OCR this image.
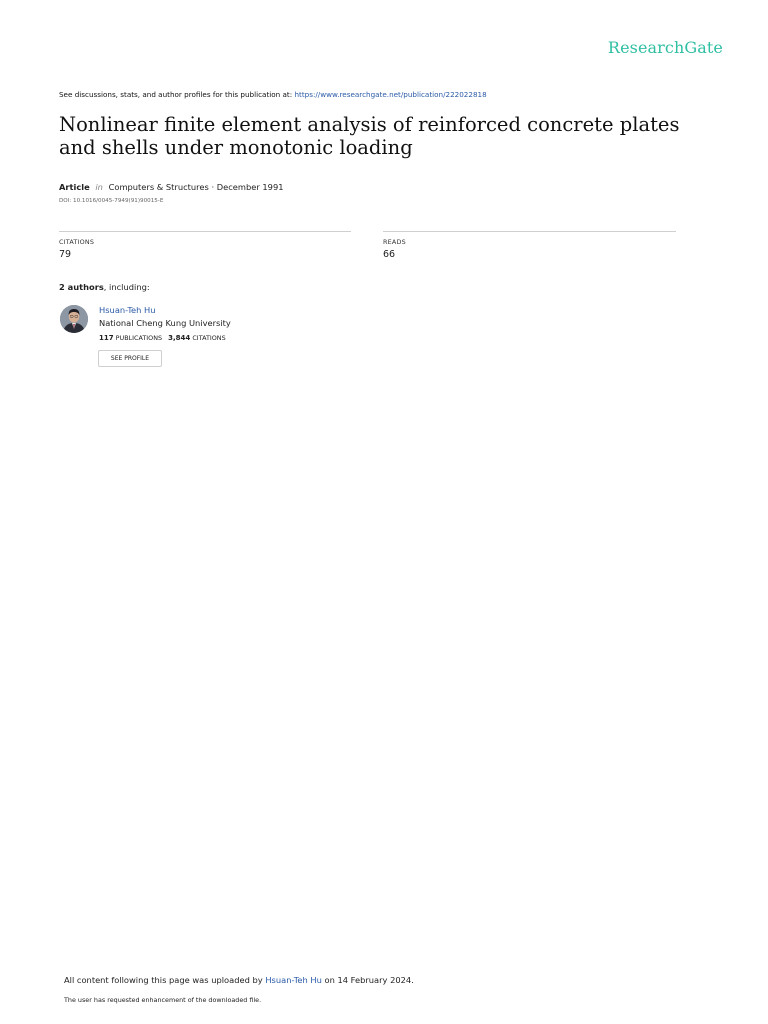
ResearchGate
See discussions, stats, and author profiles for this publication at: https://www.researchgate.net/publication/222022818
Nonlinear finite element analysis of reinforced concrete plates and shells under monotonic loading
Article in Computers & Structures · December 1991
DOI: 10.1016/0045-7949(91)90015-E
CITATIONS
79
READS
66
2 authors, including:
Hsuan-Teh Hu
National Cheng Kung University
117 PUBLICATIONS 3,844 CITATIONS
SEE PROFILE
All content following this page was uploaded by Hsuan-Teh Hu on 14 February 2024.
The user has requested enhancement of the downloaded file.
